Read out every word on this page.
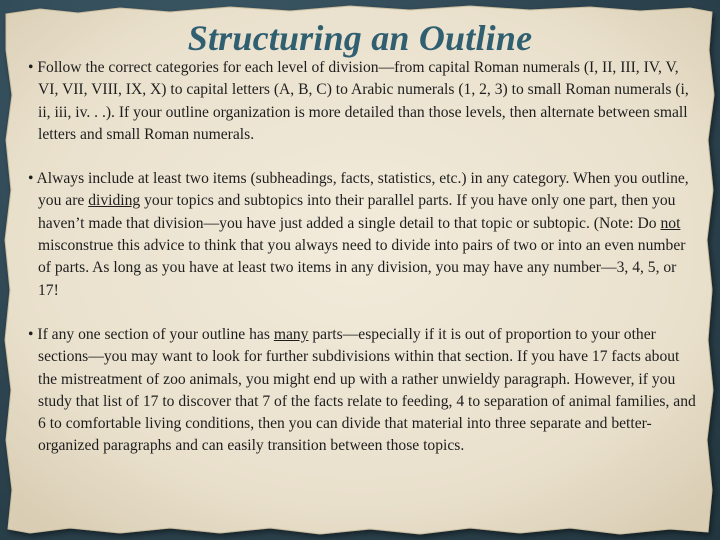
Structuring an Outline

• Follow the correct categories for each level of division—from capital Roman numerals (I, II, III, IV, V, VI, VII, VIII, IX, X) to capital letters (A, B, C) to Arabic numerals (1, 2, 3) to small Roman numerals (i, ii, iii, iv. . .). If your outline organization is more detailed than those levels, then alternate between small letters and small Roman numerals.

• Always include at least two items (subheadings, facts, statistics, etc.) in any category. When you outline, you are dividing your topics and subtopics into their parallel parts. If you have only one part, then you haven’t made that division—you have just added a single detail to that topic or subtopic. (Note: Do not misconstrue this advice to think that you always need to divide into pairs of two or into an even number of parts. As long as you have at least two items in any division, you may have any number—3, 4, 5, or 17!

• If any one section of your outline has many parts—especially if it is out of proportion to your other sections—you may want to look for further subdivisions within that section. If you have 17 facts about the mistreatment of zoo animals, you might end up with a rather unwieldy paragraph. However, if you study that list of 17 to discover that 7 of the facts relate to feeding, 4 to separation of animal families, and 6 to comfortable living conditions, then you can divide that material into three separate and better-organized paragraphs and can easily transition between those topics.
